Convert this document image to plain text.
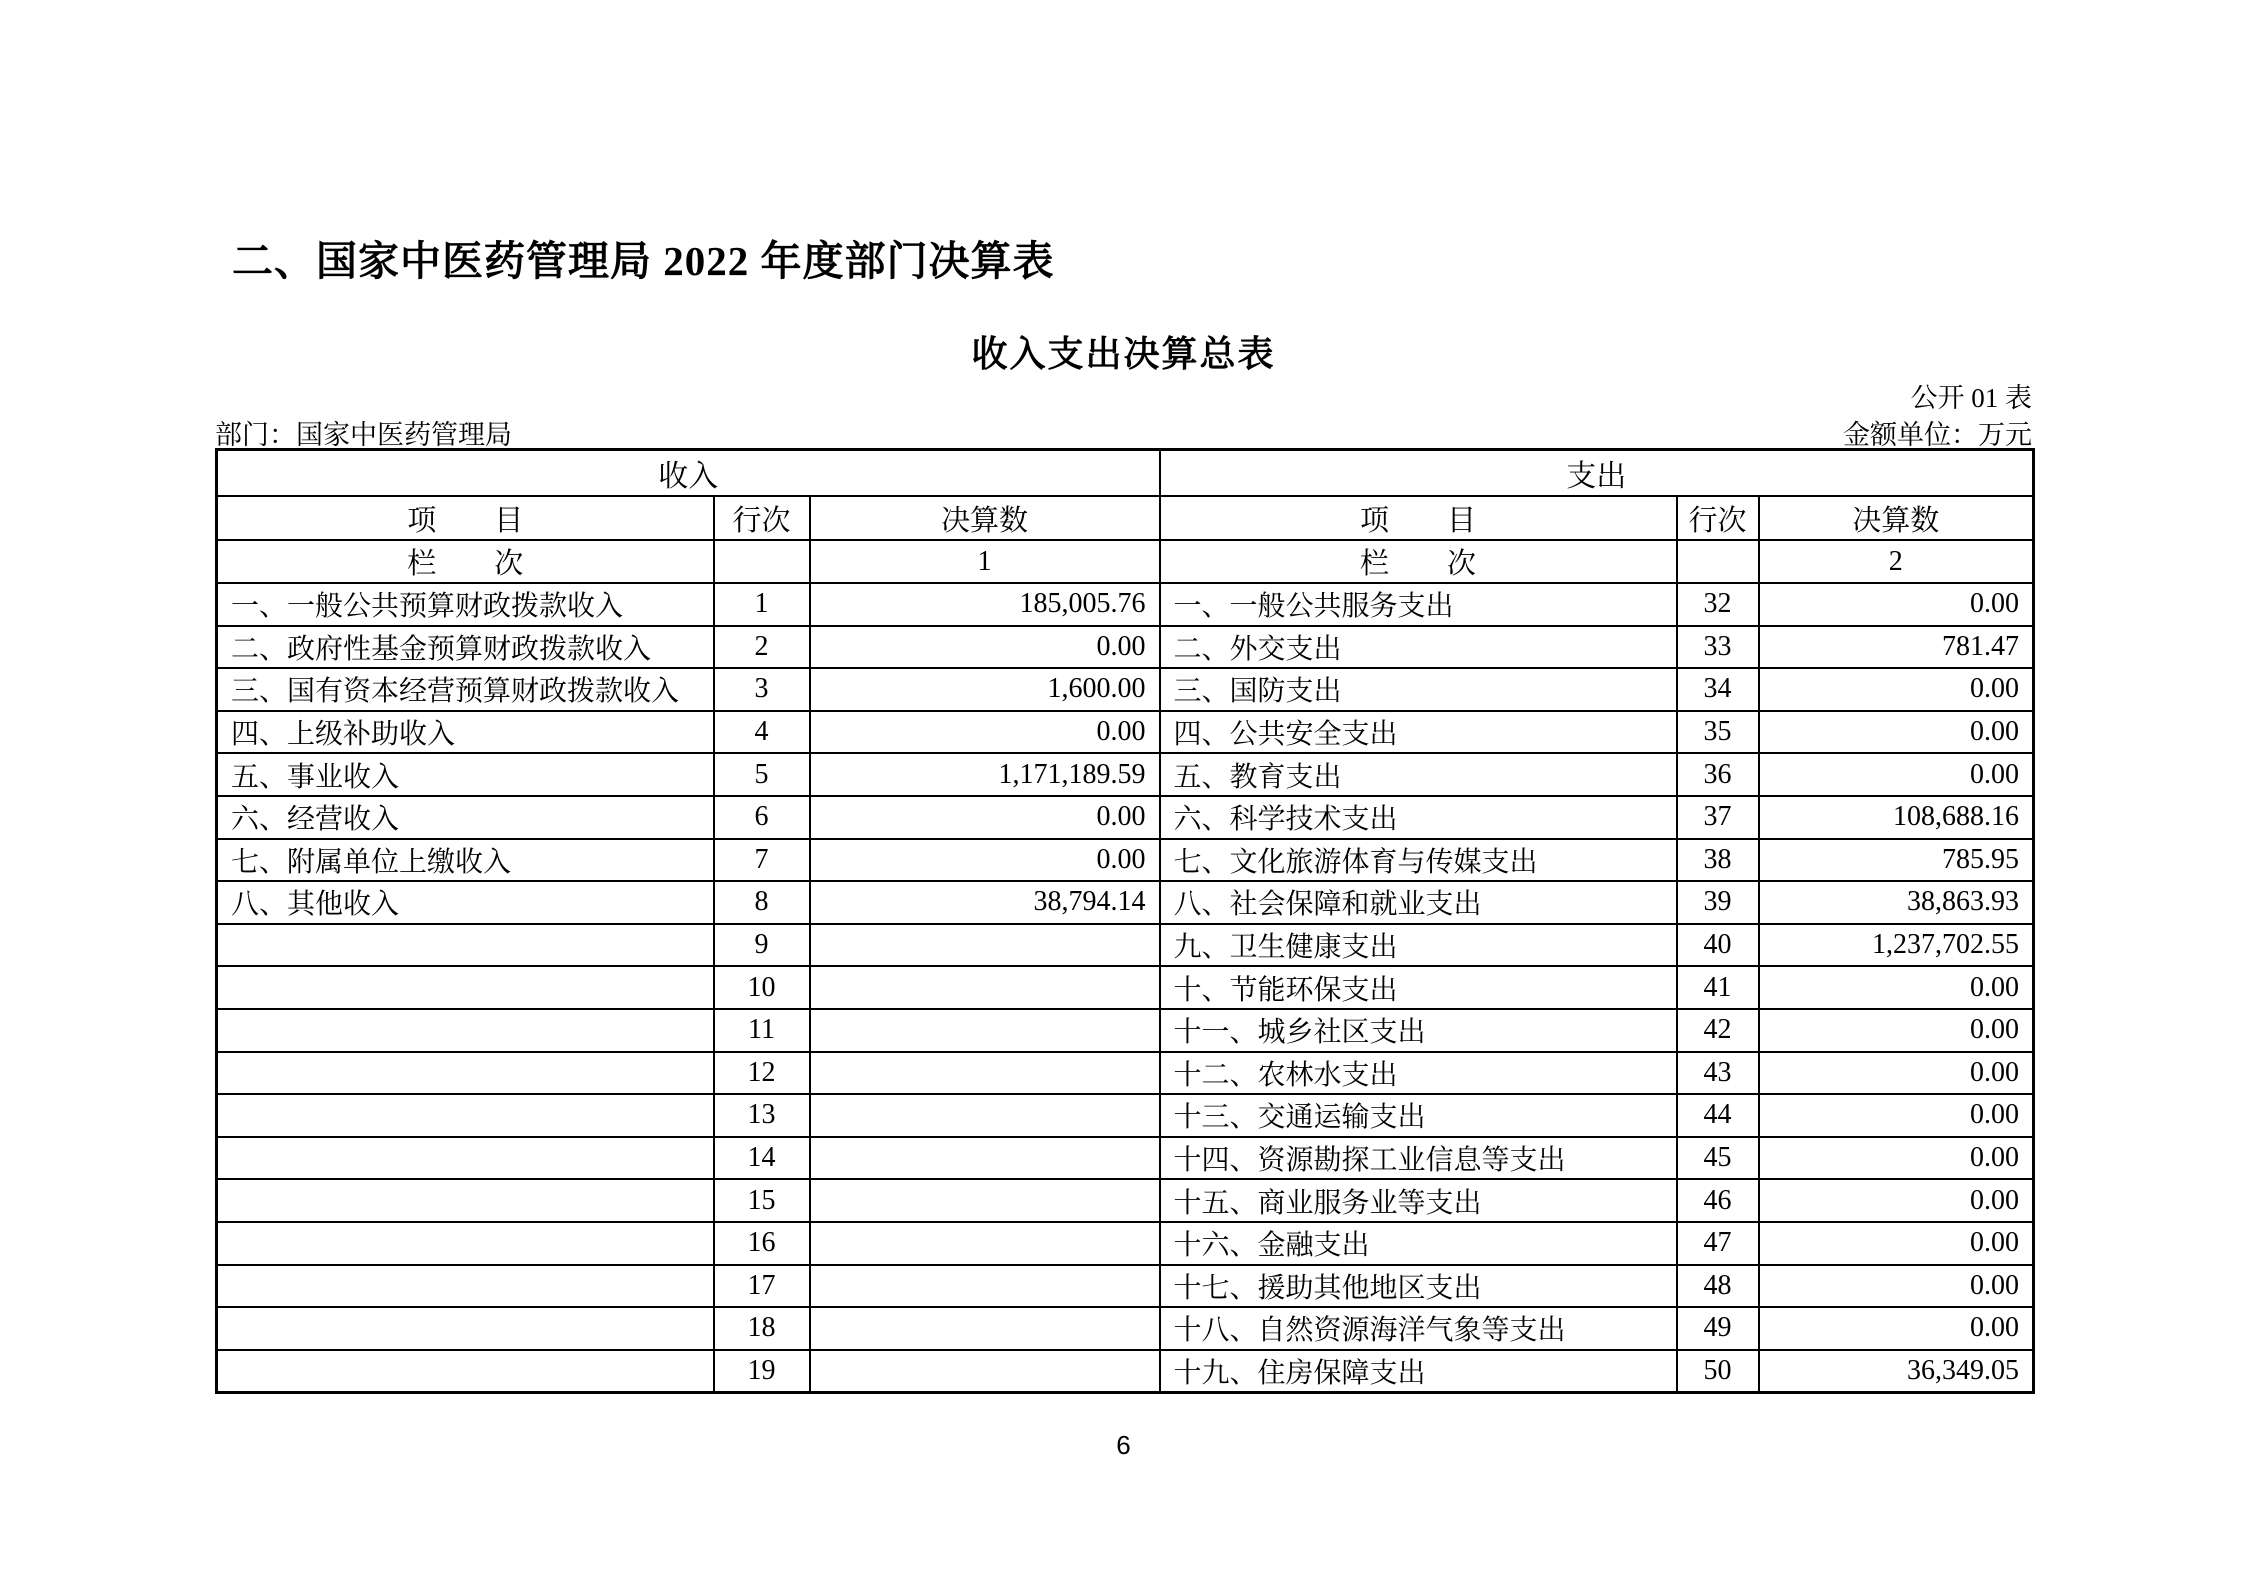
二、国家中医药管理局 2022 年度部门决算表
收入支出决算总表
公开 01 表
部门：国家中医药管理局	金额单位：万元
收入			支出		
项　　目	行次	决算数	项　　目	行次	决算数
栏　　次		1	栏　　次		2
一、一般公共预算财政拨款收入	1	185,005.76	一、一般公共服务支出	32	0.00
二、政府性基金预算财政拨款收入	2	0.00	二、外交支出	33	781.47
三、国有资本经营预算财政拨款收入	3	1,600.00	三、国防支出	34	0.00
四、上级补助收入	4	0.00	四、公共安全支出	35	0.00
五、事业收入	5	1,171,189.59	五、教育支出	36	0.00
六、经营收入	6	0.00	六、科学技术支出	37	108,688.16
七、附属单位上缴收入	7	0.00	七、文化旅游体育与传媒支出	38	785.95
八、其他收入	8	38,794.14	八、社会保障和就业支出	39	38,863.93
	9		九、卫生健康支出	40	1,237,702.55
	10		十、节能环保支出	41	0.00
	11		十一、城乡社区支出	42	0.00
	12		十二、农林水支出	43	0.00
	13		十三、交通运输支出	44	0.00
	14		十四、资源勘探工业信息等支出	45	0.00
	15		十五、商业服务业等支出	46	0.00
	16		十六、金融支出	47	0.00
	17		十七、援助其他地区支出	48	0.00
	18		十八、自然资源海洋气象等支出	49	0.00
	19		十九、住房保障支出	50	36,349.05
6
